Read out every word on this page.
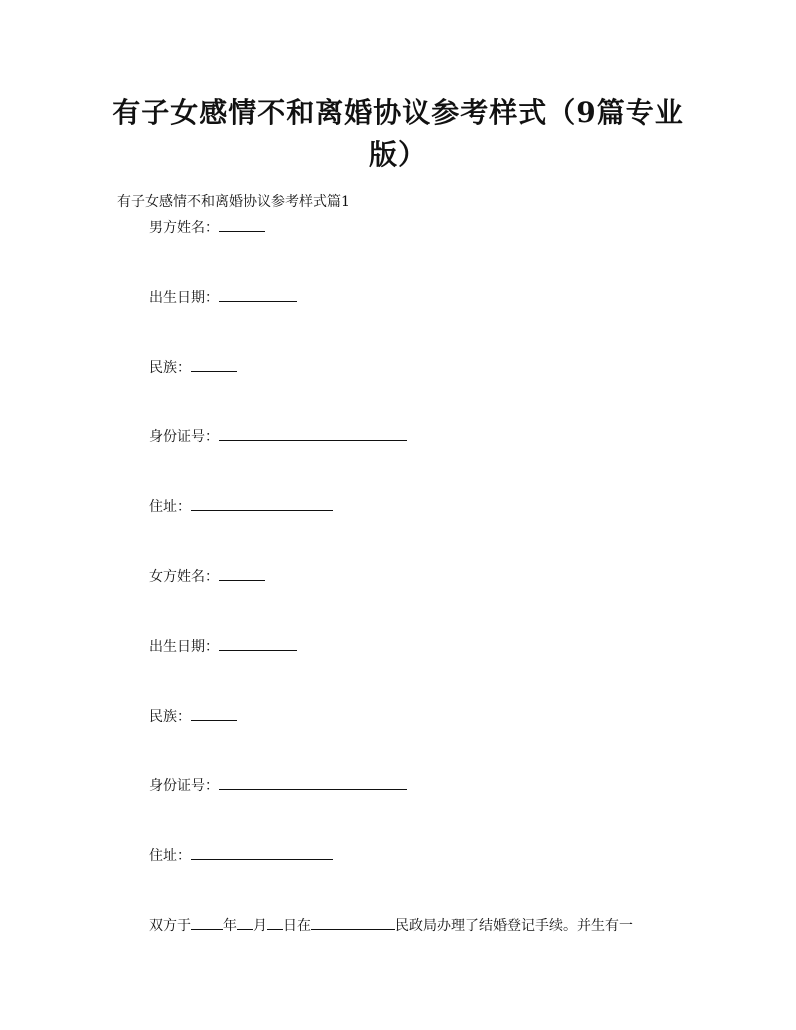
有子女感情不和离婚协议参考样式（9篇专业版）
有子女感情不和离婚协议参考样式篇1
男方姓名：
出生日期：
民族：
身份证号：
住址：
女方姓名：
出生日期：
民族：
身份证号：
住址：
双方于 年 月 日在	民政局办理了结婚登记手续。并生有一
